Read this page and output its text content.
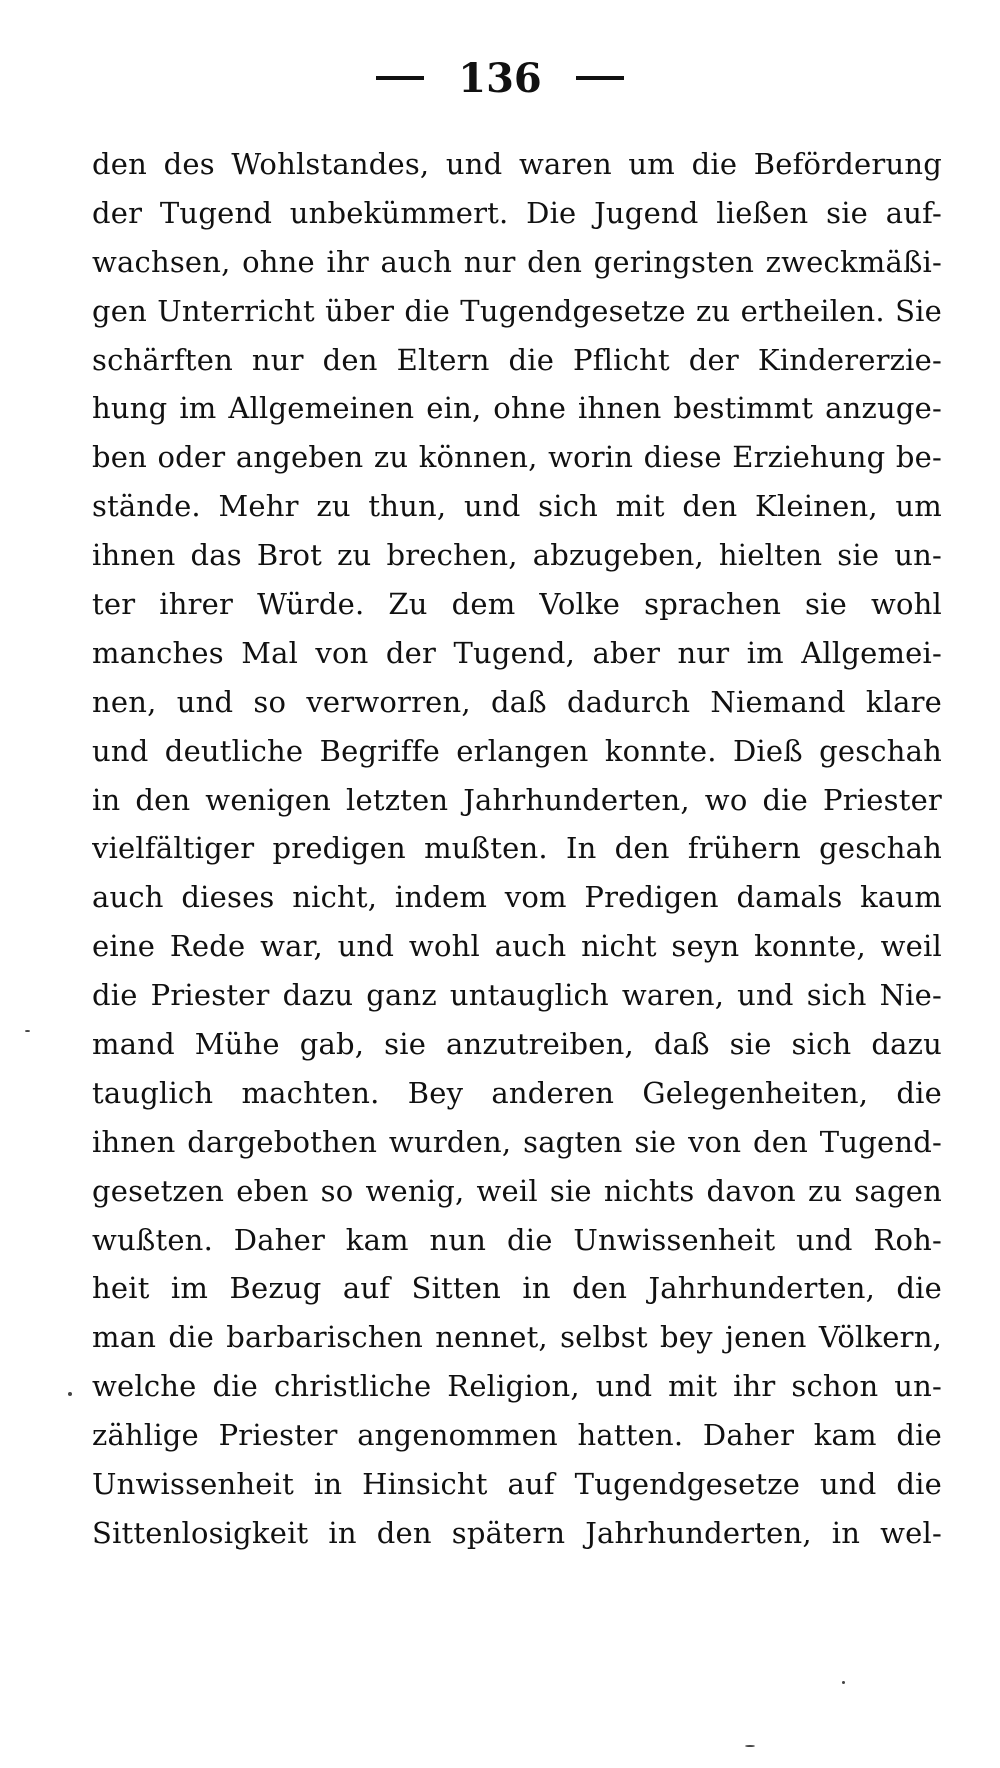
136
den des Wohlstandes, und waren um die Beförderung
der Tugend unbekümmert. Die Jugend ließen sie auf-
wachsen, ohne ihr auch nur den geringsten zweckmäßi-
gen Unterricht über die Tugendgesetze zu ertheilen. Sie
schärften nur den Eltern die Pflicht der Kindererzie-
hung im Allgemeinen ein, ohne ihnen bestimmt anzuge-
ben oder angeben zu können, worin diese Erziehung be-
stände. Mehr zu thun, und sich mit den Kleinen, um
ihnen das Brot zu brechen, abzugeben, hielten sie un-
ter ihrer Würde. Zu dem Volke sprachen sie wohl
manches Mal von der Tugend, aber nur im Allgemei-
nen, und so verworren, daß dadurch Niemand klare
und deutliche Begriffe erlangen konnte. Dieß geschah
in den wenigen letzten Jahrhunderten, wo die Priester
vielfältiger predigen mußten. In den frühern geschah
auch dieses nicht, indem vom Predigen damals kaum
eine Rede war, und wohl auch nicht seyn konnte, weil
die Priester dazu ganz untauglich waren, und sich Nie-
mand Mühe gab, sie anzutreiben, daß sie sich dazu
tauglich machten. Bey anderen Gelegenheiten, die
ihnen dargebothen wurden, sagten sie von den Tugend-
gesetzen eben so wenig, weil sie nichts davon zu sagen
wußten. Daher kam nun die Unwissenheit und Roh-
heit im Bezug auf Sitten in den Jahrhunderten, die
man die barbarischen nennet, selbst bey jenen Völkern,
welche die christliche Religion, und mit ihr schon un-
zählige Priester angenommen hatten. Daher kam die
Unwissenheit in Hinsicht auf Tugendgesetze und die
Sittenlosigkeit in den spätern Jahrhunderten, in wel-
